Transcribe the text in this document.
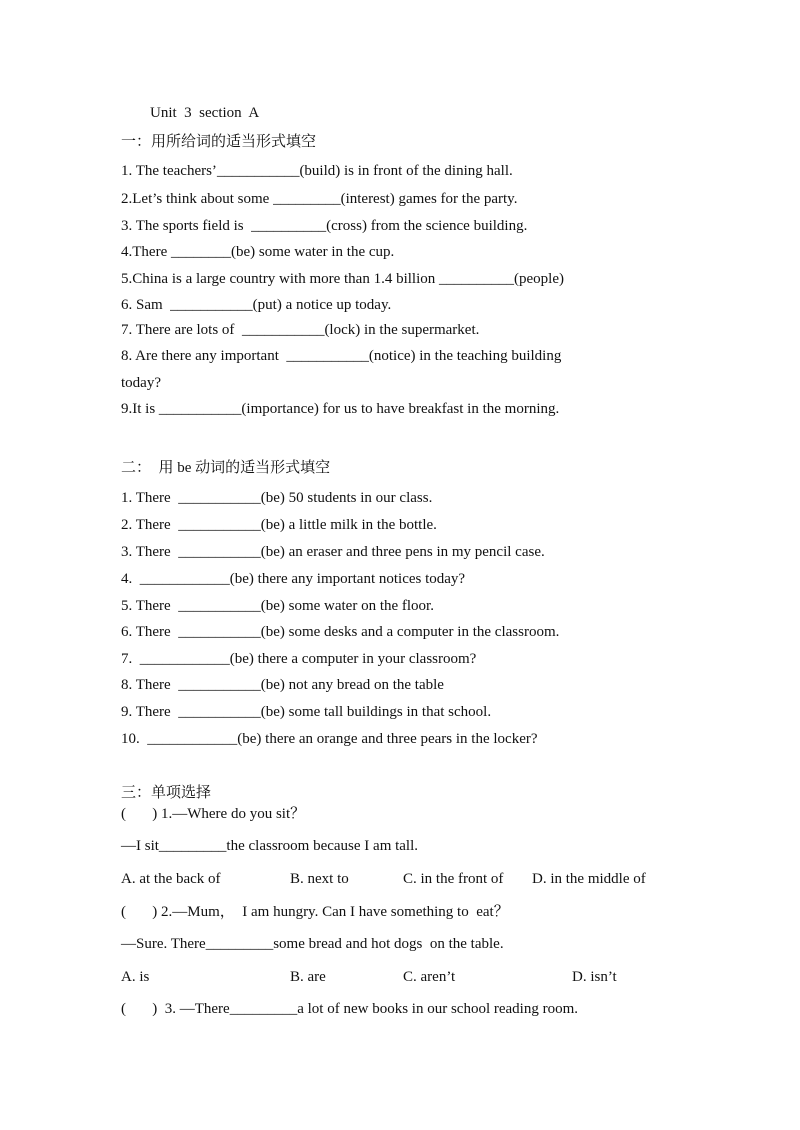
Unit  3  section  A
一：用所给词的适当形式填空
1. The teachers’___________(build) is in front of the dining hall.
2.Let’s think about some _________(interest) games for the party.
3. The sports field is  __________(cross) from the science building.
4.There ________(be) some water in the cup.
5.China is a large country with more than 1.4 billion __________(people)
6. Sam  ___________(put) a notice up today.
7. There are lots of  ___________(lock) in the supermarket.
8. Are there any important  ___________(notice) in the teaching building
today?
9.It is ___________(importance) for us to have breakfast in the morning.
二：  用 be 动词的适当形式填空
1. There  ___________(be) 50 students in our class.
2. There  ___________(be) a little milk in the bottle.
3. There  ___________(be) an eraser and three pens in my pencil case.
4.  ____________(be) there any important notices today?
5. There  ___________(be) some water on the floor.
6. There  ___________(be) some desks and a computer in the classroom.
7.  ____________(be) there a computer in your classroom?
8. There  ___________(be) not any bread on the table
9. There  ___________(be) some tall buildings in that school.
10.  ____________(be) there an orange and three pears in the locker?
三：单项选择
(       ) 1.—Where do you sit？
—I sit_________the classroom because I am tall.
A. at the back of	B. next to	C. in the front of D. in the middle of
(       ) 2.—Mum，  I am hungry. Can I have something to  eat？
—Sure. There_________some bread and hot dogs  on the table.
A. is	B. are	C. aren’t	D. isn’t
(       )  3. —There_________a lot of new books in our school reading room.
